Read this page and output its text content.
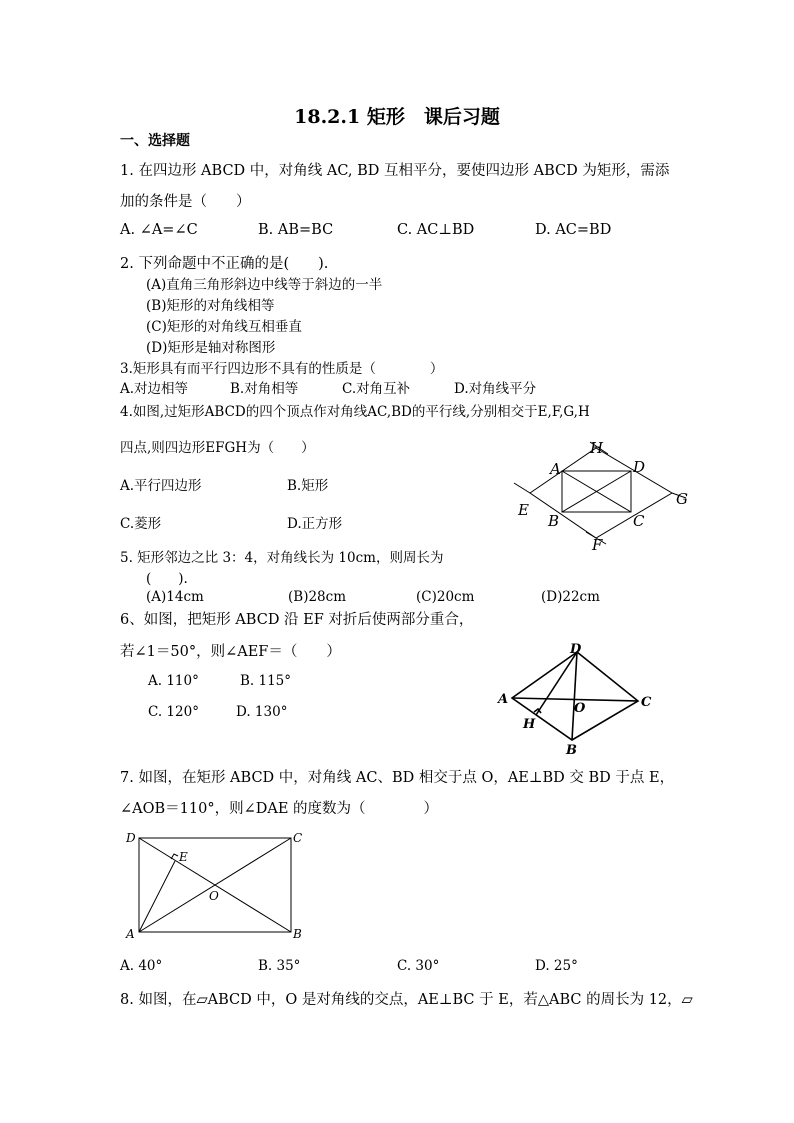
18.2.1 矩形　课后习题
一、选择题
1. 在四边形 ABCD 中，对角线 AC, BD 互相平分，要使四边形 ABCD 为矩形，需添
加的条件是（　　）
A. ∠A=∠C	B. AB=BC	C. AC⊥BD	D. AC=BD
2. 下列命题中不正确的是(　　).
(A)直角三角形斜边中线等于斜边的一半
(B)矩形的对角线相等
(C)矩形的对角线互相垂直
(D)矩形是轴对称图形
3.矩形具有而平行四边形不具有的性质是（　　　　）
A.对边相等	B.对角相等	C.对角互补	D.对角线平分
4.如图,过矩形ABCD的四个顶点作对角线AC,BD的平行线,分别相交于E,F,G,H
四点,则四边形EFGH为（　　）
A.平行四边形	B.矩形
C.菱形	D.正方形
H
A	D
G
E
B	C
F
5. 矩形邻边之比 3：4，对角线长为 10cm，则周长为
(　　).
(A)14cm	(B)28cm	(C)20cm	(D)22cm
6、如图，把矩形 ABCD 沿 EF 对折后使两部分重合，
若∠1＝50°，则∠AEF＝（　　）
A. 110°	B. 115°
C. 120°	D. 130°
D
A
O	C
H
B
7. 如图，在矩形 ABCD 中，对角线 AC、BD 相交于点 O，AE⊥BD 交 BD 于点 E，
∠AOB＝110°，则∠DAE 的度数为（　　　　）
D	C
E
O
A	B
A. 40°	B. 35°	C. 30°	D. 25°
8. 如图，在▱ABCD 中，O 是对角线的交点，AE⊥BC 于 E，若△ABC 的周长为 12，▱
